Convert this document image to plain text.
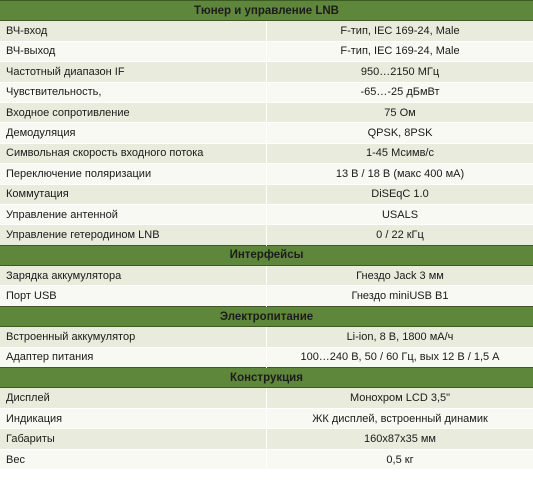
Тюнер и управление LNB	
ВЧ-вход	F-тип, IEC 169-24, Male
ВЧ-выход	F-тип, IEC 169-24, Male
Частотный диапазон IF	950…2150 МГц
Чувствительность,	-65…-25 дБмВт
Входное сопротивление	75 Ом
Демодуляция	QPSK, 8PSK
Символьная скорость входного потока	1-45 Мсимв/с
Переключение поляризации	13 В / 18 В (макс 400 мА)
Коммутация	DiSEqC 1.0
Управление антенной	USALS
Управление гетеродином LNB	0 / 22 кГц
Интерфейсы	
Зарядка аккумулятора	Гнездо Jack 3 мм
Порт USB	Гнездо miniUSB B1
Электропитание	
Встроенный аккумулятор	Li-ion, 8 В, 1800 мА/ч
Адаптер питания	100…240 В, 50 / 60 Гц, вых 12 В / 1,5 А
Конструкция	
Дисплей	Монохром LCD 3,5"
Индикация	ЖК дисплей, встроенный динамик
Габариты	160x87x35 мм
Вес	0,5 кг
